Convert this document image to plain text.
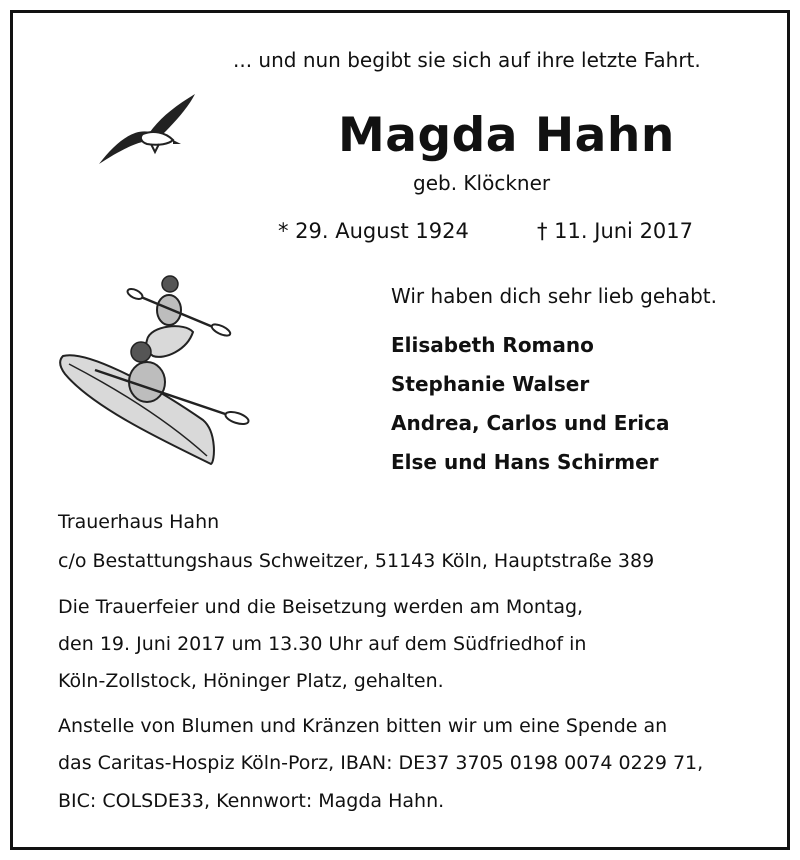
... und nun begibt sie sich auf ihre letzte Fahrt.
Magda Hahn
geb. Klöckner
* 29. August 1924	† 11. Juni 2017
Wir haben dich sehr lieb gehabt.
Elisabeth Romano
Stephanie Walser
Andrea, Carlos und Erica
Else und Hans Schirmer
Trauerhaus Hahn
c/o Bestattungshaus Schweitzer, 51143 Köln, Hauptstraße 389
Die Trauerfeier und die Beisetzung werden am Montag,
den 19. Juni 2017 um 13.30 Uhr auf dem Südfriedhof in
Köln-Zollstock, Höninger Platz, gehalten.
Anstelle von Blumen und Kränzen bitten wir um eine Spende an
das Caritas-Hospiz Köln-Porz, IBAN: DE37 3705 0198 0074 0229 71,
BIC: COLSDE33, Kennwort: Magda Hahn.
